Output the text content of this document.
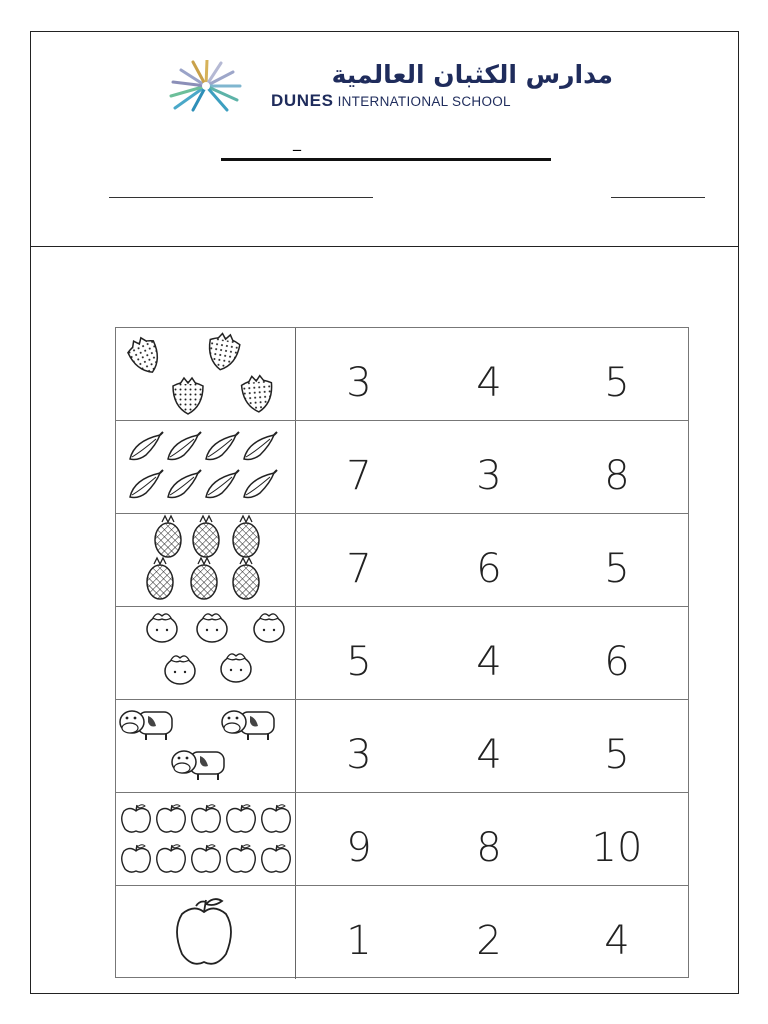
مدارس الكثبان العالمية
DUNES INTERNATIONAL SCHOOL
_
3	4	5
7	3	8
7	6	5
5	4	6
3	4	5
9	8	10
1	2	4
